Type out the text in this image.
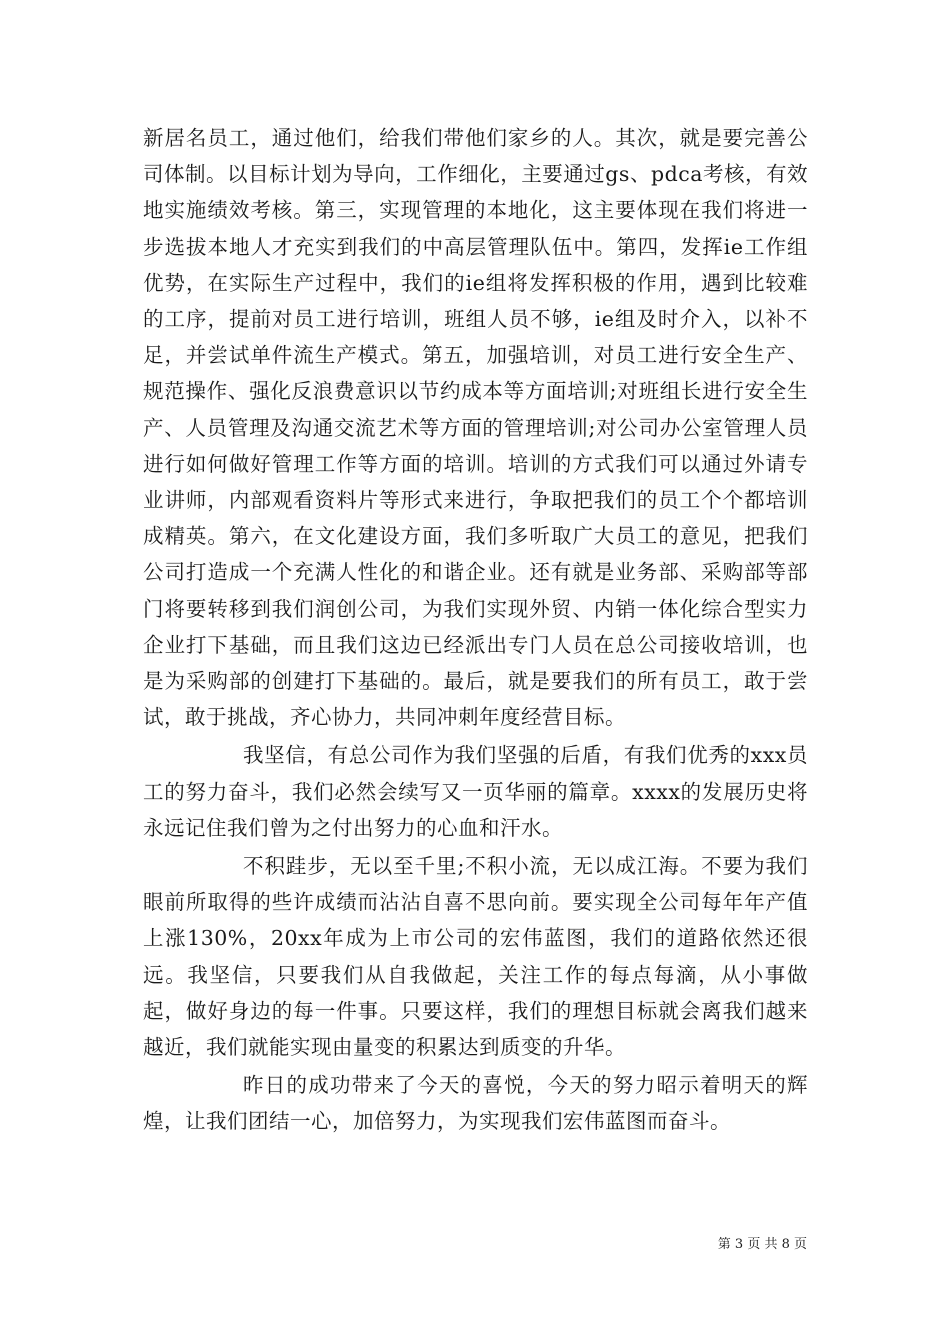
新居名员工，通过他们，给我们带他们家乡的人。其次，就是要完善公司体制。以目标计划为导向，工作细化，主要通过gs、pdca考核，有效地实施绩效考核。第三，实现管理的本地化，这主要体现在我们将进一步选拔本地人才充实到我们的中高层管理队伍中。第四，发挥ie工作组优势，在实际生产过程中，我们的ie组将发挥积极的作用，遇到比较难的工序，提前对员工进行培训，班组人员不够，ie组及时介入，以补不足，并尝试单件流生产模式。第五，加强培训，对员工进行安全生产、规范操作、强化反浪费意识以节约成本等方面培训;对班组长进行安全生产、人员管理及沟通交流艺术等方面的管理培训;对公司办公室管理人员进行如何做好管理工作等方面的培训。培训的方式我们可以通过外请专业讲师，内部观看资料片等形式来进行，争取把我们的员工个个都培训成精英。第六，在文化建设方面，我们多听取广大员工的意见，把我们公司打造成一个充满人性化的和谐企业。还有就是业务部、采购部等部门将要转移到我们润创公司，为我们实现外贸、内销一体化综合型实力企业打下基础，而且我们这边已经派出专门人员在总公司接收培训，也是为采购部的创建打下基础的。最后，就是要我们的所有员工，敢于尝试，敢于挑战，齐心协力，共同冲刺年度经营目标。

我坚信，有总公司作为我们坚强的后盾，有我们优秀的xxx员工的努力奋斗，我们必然会续写又一页华丽的篇章。xxxx的发展历史将永远记住我们曾为之付出努力的心血和汗水。

不积跬步，无以至千里;不积小流，无以成江海。不要为我们眼前所取得的些许成绩而沾沾自喜不思向前。要实现全公司每年年产值上涨130%，20xx年成为上市公司的宏伟蓝图，我们的道路依然还很远。我坚信，只要我们从自我做起，关注工作的每点每滴，从小事做起，做好身边的每一件事。只要这样，我们的理想目标就会离我们越来越近，我们就能实现由量变的积累达到质变的升华。

昨日的成功带来了今天的喜悦，今天的努力昭示着明天的辉煌，让我们团结一心，加倍努力，为实现我们宏伟蓝图而奋斗。

第 3 页 共 8 页
